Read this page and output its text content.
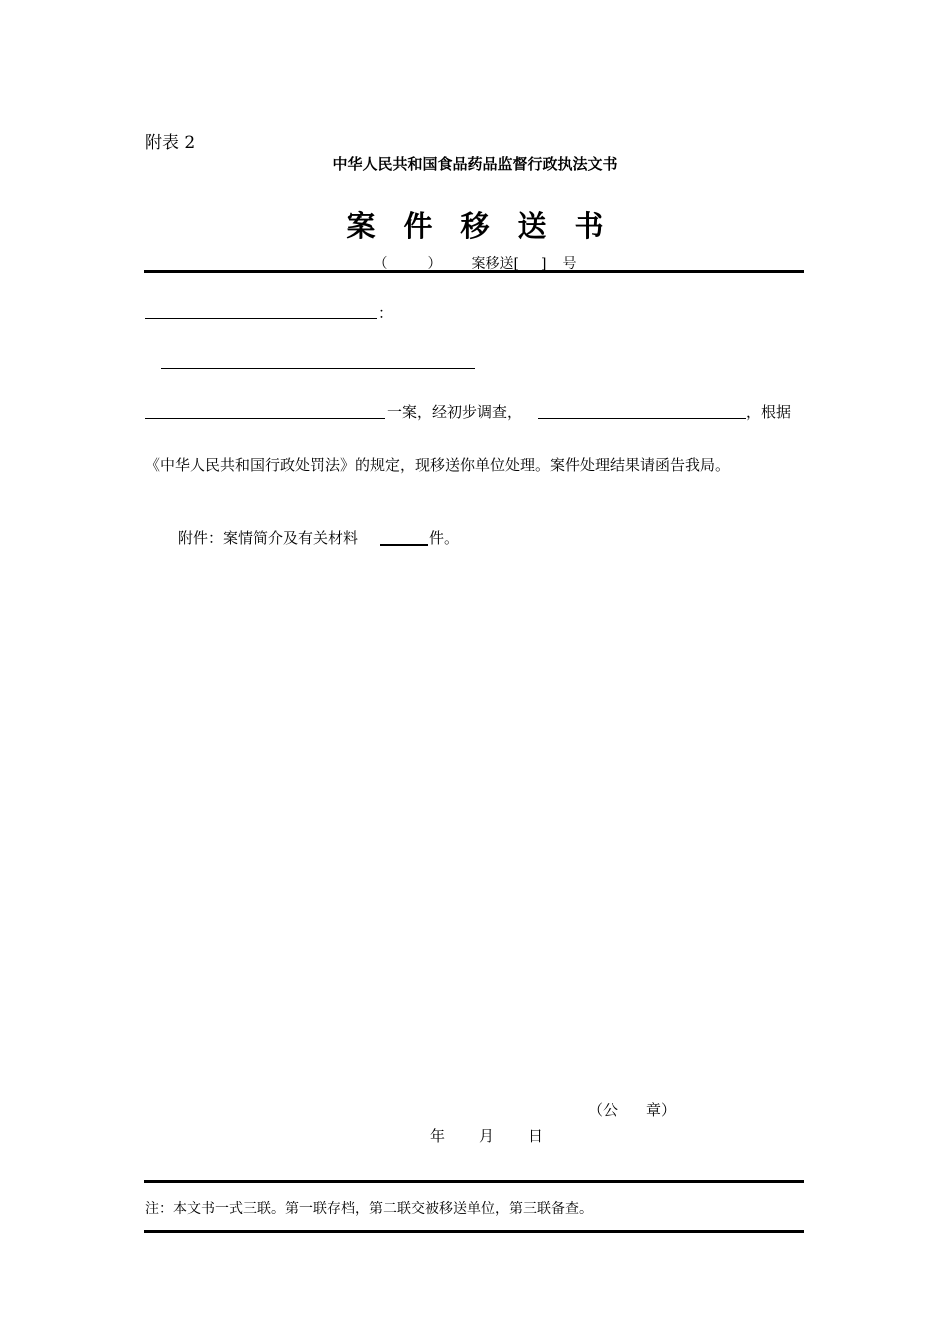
附表 2
中华人民共和国食品药品监督行政执法文书
案件移送书
（	） 案移送[ ] 号
：
一案，经初步调查，	，根据
《中华人民共和国行政处罚法》的规定，现移送你单位处理。案件处理结果请函告我局。
附件：案情简介及有关材料	件。
（公 章）
年 月 日
注：本文书一式三联。第一联存档，第二联交被移送单位，第三联备查。
